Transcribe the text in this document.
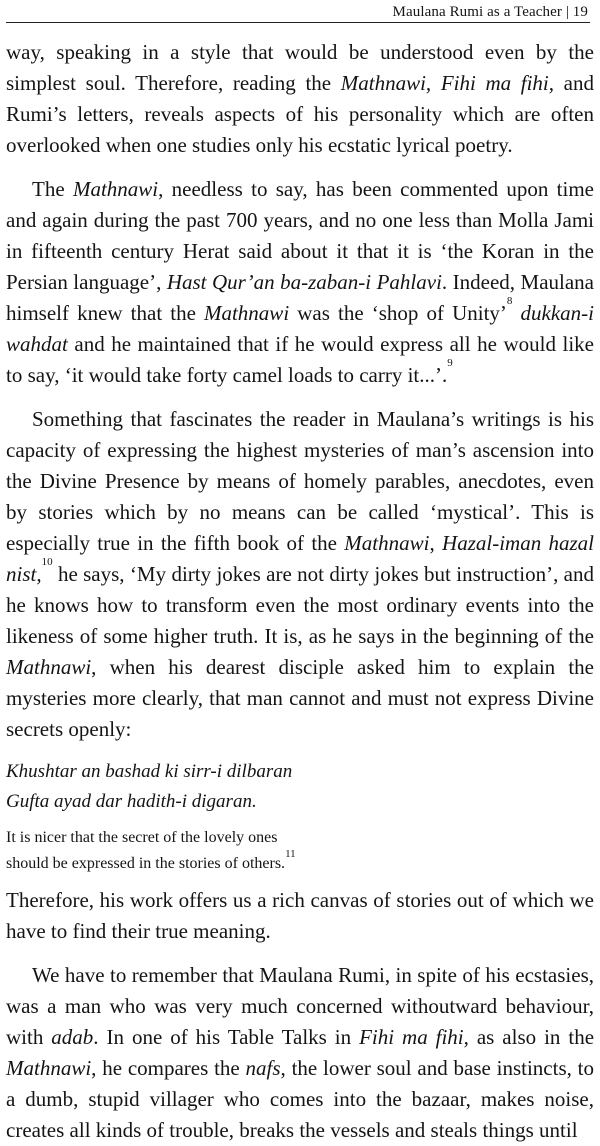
Maulana Rumi as a Teacher | 19

way, speaking in a style that would be understood even by the simplest soul. Therefore, reading the Mathnawi, Fihi ma fihi, and Rumi’s letters, reveals aspects of his personality which are often overlooked when one studies only his ecstatic lyrical poetry.

The Mathnawi, needless to say, has been commented upon time and again during the past 700 years, and no one less than Molla Jami in fifteenth century Herat said about it that it is ‘the Koran in the Persian language’, Hast Qur’an ba-zaban-i Pahlavi. Indeed, Maulana himself knew that the Mathnawi was the ‘shop of Unity’$^8$ dukkan-i wahdat and he maintained that if he would express all he would like to say, ‘it would take forty camel loads to carry it...’.$^9$

Something that fascinates the reader in Maulana’s writings is his capacity of expressing the highest mysteries of man’s ascension into the Divine Presence by means of homely parables, anecdotes, even by stories which by no means can be called ‘mystical’. This is especially true in the fifth book of the Mathnawi, Hazal-iman hazal nist,$^{10}$ he says, ‘My dirty jokes are not dirty jokes but instruction’, and he knows how to transform even the most ordinary events into the likeness of some higher truth. It is, as he says in the beginning of the Mathnawi, when his dearest disciple asked him to explain the mysteries more clearly, that man cannot and must not express Divine secrets openly:

Khushtar an bashad ki sirr-i dilbaran
Gufta ayad dar hadith-i digaran.
It is nicer that the secret of the lovely ones
should be expressed in the stories of others.$^{11}$

Therefore, his work offers us a rich canvas of stories out of which we have to find their true meaning.

We have to remember that Maulana Rumi, in spite of his ecstasies, was a man who was very much concerned withoutward behaviour, with adab. In one of his Table Talks in Fihi ma fihi, as also in the Mathnawi, he compares the nafs, the lower soul and base instincts, to a dumb, stupid villager who comes into the bazaar, makes noise, creates all kinds of trouble, breaks the vessels and steals things until
